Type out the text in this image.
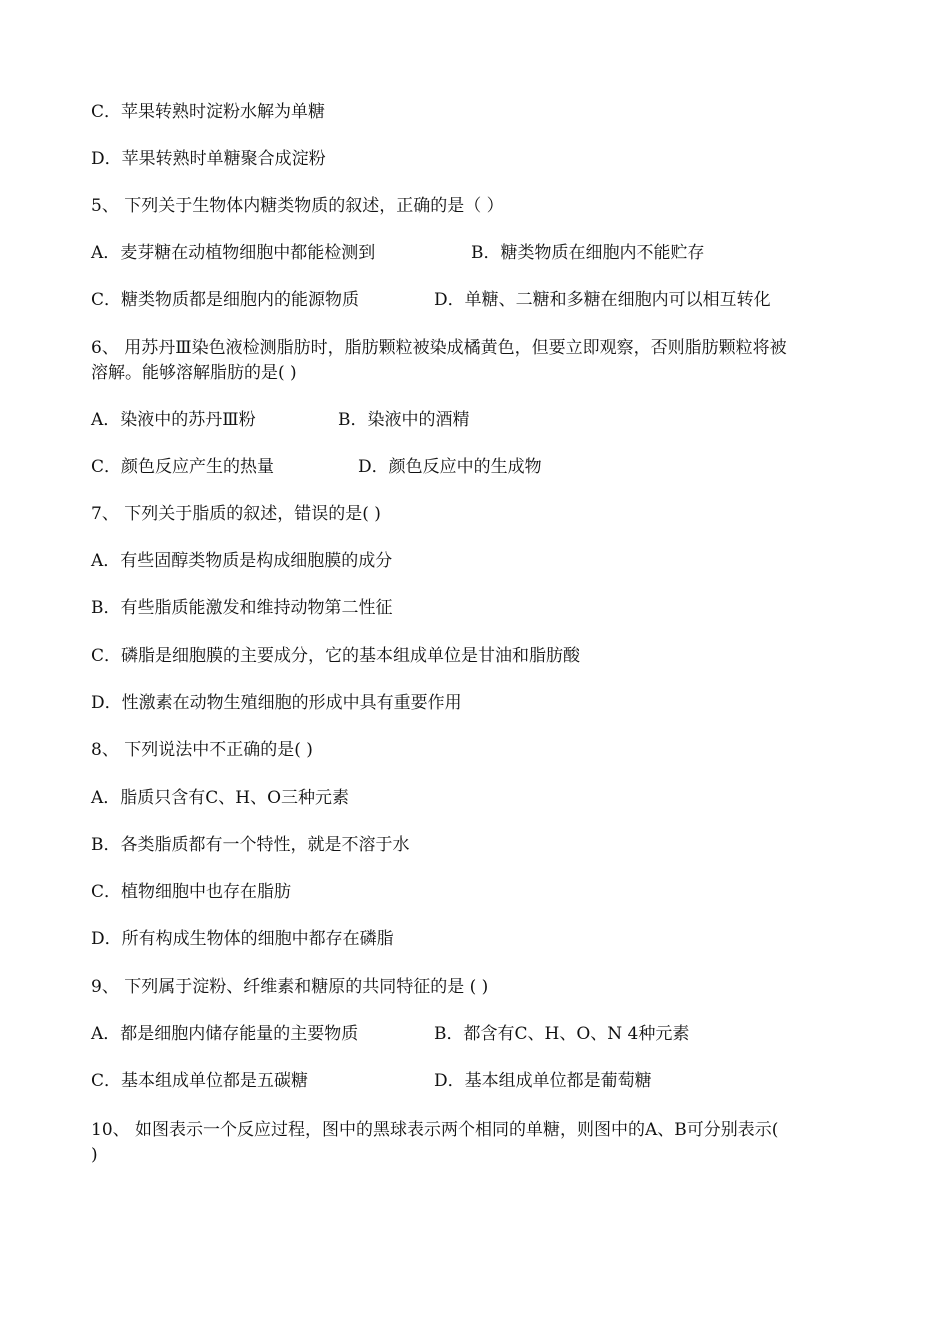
C．苹果转熟时淀粉水解为单糖
D．苹果转熟时单糖聚合成淀粉
5、 下列关于生物体内糖类物质的叙述，正确的是（ ）
A．麦芽糖在动植物细胞中都能检测到	B．糖类物质在细胞内不能贮存
C．糖类物质都是细胞内的能源物质	D．单糖、二糖和多糖在细胞内可以相互转化
6、 用苏丹Ⅲ染色液检测脂肪时，脂肪颗粒被染成橘黄色，但要立即观察，否则脂肪颗粒将被
溶解。能够溶解脂肪的是( )
A．染液中的苏丹Ⅲ粉	B．染液中的酒精
C．颜色反应产生的热量	D．颜色反应中的生成物
7、 下列关于脂质的叙述，错误的是( )
A．有些固醇类物质是构成细胞膜的成分
B．有些脂质能激发和维持动物第二性征
C．磷脂是细胞膜的主要成分，它的基本组成单位是甘油和脂肪酸
D．性激素在动物生殖细胞的形成中具有重要作用
8、 下列说法中不正确的是( )
A．脂质只含有C、H、O三种元素
B．各类脂质都有一个特性，就是不溶于水
C．植物细胞中也存在脂肪
D．所有构成生物体的细胞中都存在磷脂
9、 下列属于淀粉、纤维素和糖原的共同特征的是 ( )
A．都是细胞内储存能量的主要物质	B．都含有C、H、O、N 4种元素
C．基本组成单位都是五碳糖	D．基本组成单位都是葡萄糖
10、 如图表示一个反应过程，图中的黑球表示两个相同的单糖，则图中的A、B可分别表示(
)
